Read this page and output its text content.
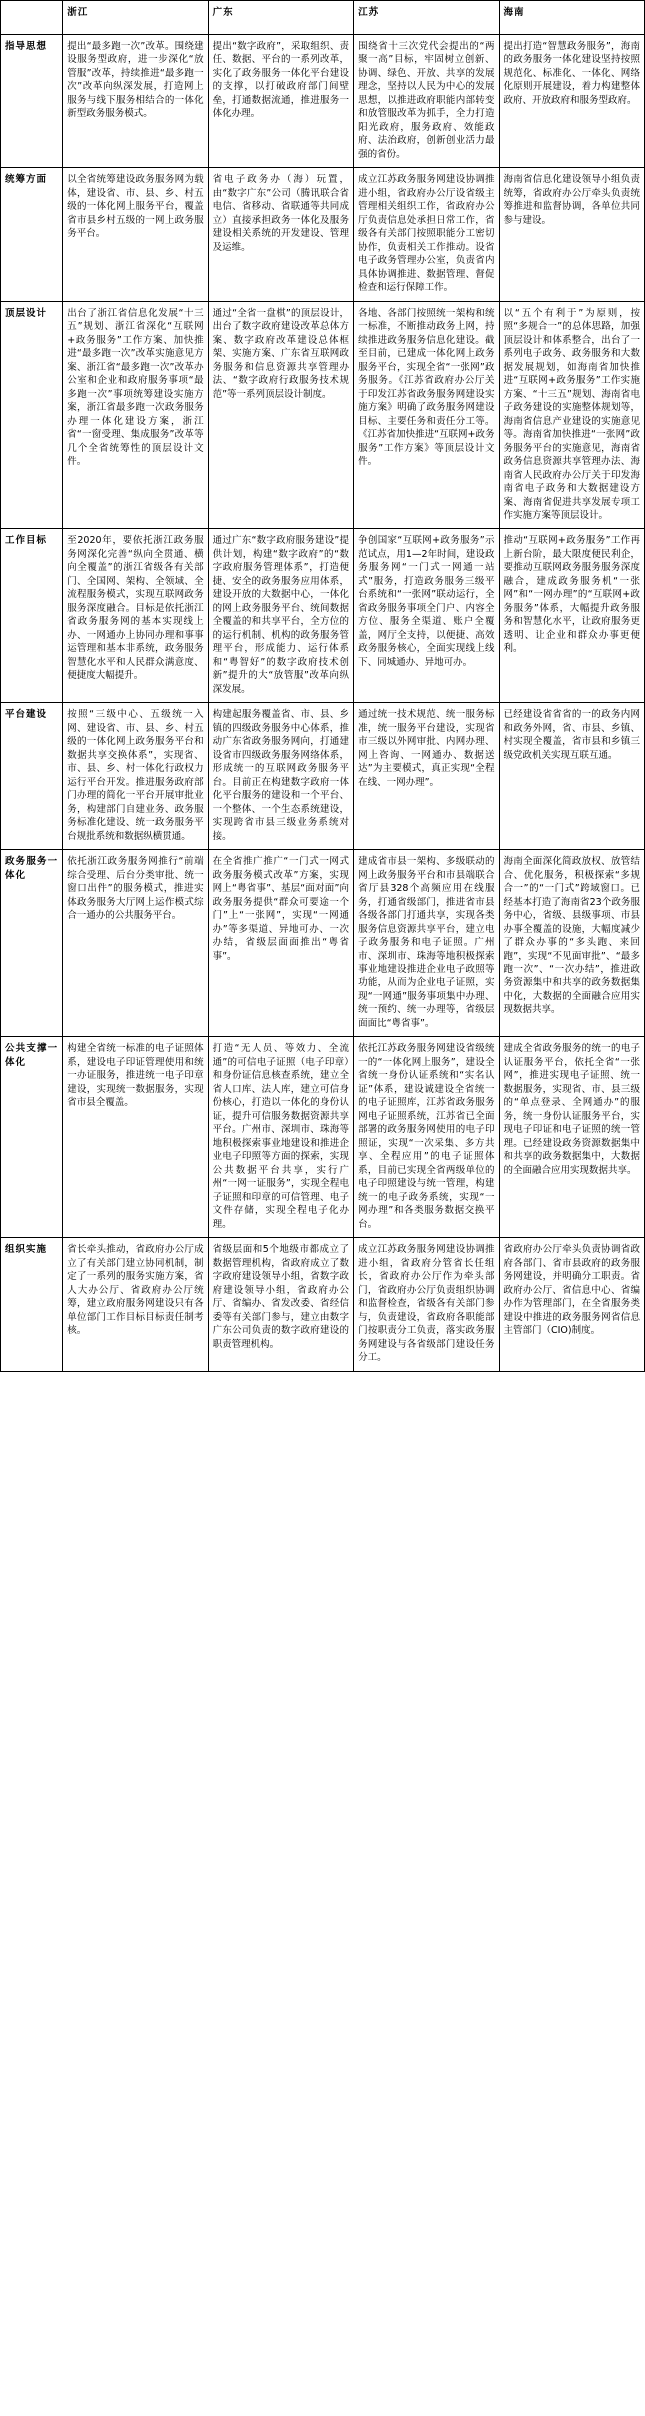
	浙江	广东	江苏	海南
指导思想	提出“最多跑一次”改革。围绕建设服务型政府，进一步深化“放管服”改革，持续推进“最多跑一次”改革向纵深发展，打造网上服务与线下服务相结合的一体化新型政务服务模式。	提出“数字政府”，采取组织、责任、数据、平台的一系列改革，实化了政务服务一体化平台建设的支撑，以打破政府部门间壁垒，打通数据流通，推进服务一体化办理。	围绕省十三次党代会提出的“两聚一高”目标，牢固树立创新、协调、绿色、开放、共享的发展理念，坚持以人民为中心的发展思想，以推进政府职能内部转变和放管服改革为抓手，全力打造阳光政府，服务政府、效能政府、法治政府，创新创业活力最强的省份。	提出打造“智慧政务服务”，海南的政务服务一体化建设坚持按照规范化、标准化、一体化、网络化原则开展建设，着力构建整体政府、开放政府和服务型政府。
统筹方面	以全省统筹建设政务服务网为载体，建设省、市、县、乡、村五级的一体化网上服务平台，覆盖省市县乡村五级的一网上政务服务平台。	省电子政务办（海）玩置，由“数字广东”公司（腾讯联合省电信、省移动、省联通等共同成立）直接承担政务一体化及服务建设相关系统的开发建设、管理及运维。	成立江苏政务服务网建设协调推进小组，省政府办公厅设省级主管理相关组织工作，省政府办公厅负责信息处承担日常工作，省级各有关部门按照职能分工密切协作，负责相关工作推动。设省电子政务管理办公室，负责省内具体协调推进、数据管理、督促检查和运行保障工作。	海南省信息化建设领导小组负责统筹，省政府办公厅牵头负责统筹推进和监督协调，各单位共同参与建设。
顶层设计	出台了浙江省信息化发展“十三五”规划、浙江省深化“互联网+政务服务”工作方案、加快推进“最多跑一次”改革实施意见方案、浙江省“最多跑一次”改革办公室和企业和政府服务事项“最多跑一次”事项统筹建设实施方案，浙江省最多跑一次政务服务办理一体化建设方案，浙江省“一窗受理、集成服务”改革等几个全省统筹性的顶层设计文件。	通过“全省一盘棋”的顶层设计，出台了数字政府建设改革总体方案、数字政府改革建设总体框架、实施方案、广东省互联网政务服务和信息资源共享管理办法、“数字政府行政服务技术规范”等一系列顶层设计制度。	各地、各部门按照统一架构和统一标准，不断推动政务上网，持续推进政务服务信息化建设。截至目前，已建成一体化网上政务服务平台，实现全省“一张网”政务服务。《江苏省政府办公厅关于印发江苏省政务服务网建设实施方案》明确了政务服务网建设目标、主要任务和责任分工等。《江苏省加快推进“互联网+政务服务”工作方案》等顶层设计文件。	以“五个有利于”为原则，按照“多规合一”的总体思路，加强顶层设计和体系整合，出台了一系列电子政务、政务服务和大数据发展规划，如海南省加快推进“互联网+政务服务”工作实施方案、“十三五”规划、海南省电子政务建设的实施整体规划等，海南省信息产业建设的实施意见等。海南省加快推进“一张网”政务服务平台的实施意见，海南省政务信息资源共享管理办法、海南省人民政府办公厅关于印发海南省电子政务和大数据建设方案、海南省促进共享发展专项工作实施方案等顶层设计。
工作目标	至2020年，要依托浙江政务服务网深化完善“纵向全贯通、横向全覆盖”的浙江省级各有关部门、全国网、架构、全领域、全流程服务模式，实现互联网政务服务深度融合。目标是依托浙江省政务服务网的基本实现线上办、一网通办上协同办理和事事运管理和基本非系统，政务服务智慧化水平和人民群众满意度、便捷度大幅提升。	通过广东“数字政府服务建设”提供计划，构建“数字政府”的“数字政府服务管理体系”，打造便捷、安全的政务服务应用体系，建设开放的大数据中心，一体化的网上政务服务平台、统间数据全覆盖的和共享平台，全方位的的运行机制、机构的政务服务管理平台，形成能力、运行体系和“粤智好”的数字政府技术创新”提升的大“放管服”改革向纵深发展。	争创国家“互联网+政务服务”示范试点，用1—2年时间，建设政务服务网“一门式一网通一站式”服务，打造政务服务三级平台系统和“一张网”联动运行，全省政务服务事项全门户、内容全方位、服务全渠道、账户全覆盖，网厅全支持，以便捷、高效政务服务核心，全面实现线上线下、同城通办、异地可办。	推动“互联网+政务服务”工作再上新台阶，最大限度便民利企，要推动互联网政务服务服务深度融合，建成政务服务机“一张网”和“一网办理”的“互联网+政务服务”体系，大幅提升政务服务和智慧化水平，让政府服务更透明、让企业和群众办事更便利。
平台建设	按照“三级中心、五级统一入网、建设省、市、县、乡、村五级的一体化网上政务服务平台和数据共享交换体系”，实现省、市、县、乡、村一体化行政权力运行平台开发。推进服务政府部门办理的简化一平台开展审批业务，构建部门自建业务、政务服务标准化建设、统一政务服务平台规批系统和数据纵横贯通。	构建起服务覆盖省、市、县、乡镇的四级政务服务中心体系，推动广东省政务服务网向，打通建设省市四级政务服务网络体系，形成统一的互联网政务服务平台。目前正在构建数字政府一体化平台服务的建设和一个平台、一个整体、一个生态系统建设，实现跨省市县三级业务系统对接。	通过统一技术规范、统一服务标准，统一服务平台建设，实现省市三级以外网审批、内网办理、网上咨询、一网通办、数据送达”为主要模式，真正实现“全程在线、一网办理”。	已经建设省省省的一的政务内网和政务外网，省、市县、乡镇、村实现全覆盖，省市县和乡镇三级党政机关实现互联互通。
政务服务一体化	依托浙江政务服务网推行“前端综合受理、后台分类审批、统一窗口出件”的服务模式，推进实体政务服务大厅网上运作模式综合一通办的公共服务平台。	在全省推广推广“一门式一网式政务服务模式改革”方案，实现网上“粤省事”、基层“面对面”向政务服务提供“群众可要途一个门”上“一张网”，实现“一网通办”等多渠道、异地可办、一次办结，省级层面面推出“粤省事”。	建成省市县一架构、多级联动的网上政务服务平台和市县端联合省厅县328个高频应用在线服务，打通省级部门，推进省市县各级各部门打通共享，实现各类服务信息资源共享平台，建立电子政务服务和电子证照。广州市、深圳市、珠海等地积极探索事业地建设推进企业电子政照等功能，从而为企业电子证照，实现“一网通”服务事项集中办理、统一预约、统一办理等，省级层面面比“粤省事”。	海南全面深化简政放权、放管结合、优化服务，积极探索“多规合一”的“一门式”跨域窗口。已经基本打造了海南省23个政务服务中心，省级、县级事项、市县办事全覆盖的设施，大幅度减少了群众办事的“多头跑、来回跑”，实现“不见面审批”、“最多跑一次”、“一次办结”，推进政务资源集中和共享的政务数据集中化，大数据的全面融合应用实现数据共享。
公共支撑一体化	构建全省统一标准的电子证照体系，建设电子印证管理使用和统一办证服务，推进统一电子印章建设，实现统一数据服务，实现省市县全覆盖。	打造“无人员、等效力、全流通”的可信电子证照（电子印章）和身份证信息核查系统，建立全省人口库、法人库，建立可信身份核心，打造以一体化的身份认证，提升可信服务数据资源共享平台。广州市、深圳市、珠海等地积极探索事业地建设和推进企业电子印照等方面的探索，实现公共数据平台共享，实行广州“一网一证服务”，实现全程电子证照和印章的可信管理、电子文件存储，实现全程电子化办理。	依托江苏政务服务网建设省级统一的“一体化网上服务”，建设全省统一身份认证系统和“实名认证”体系，建设诚建设全省统一的电子证照库，江苏省政务服务网电子证照系统，江苏省已全面部署的政务服务网使用的电子印照证，实现“一次采集、多方共享、全程应用”的电子证照体系，目前已实现全省两级单位的电子印照建设与统一管理，构建统一的电子政务系统，实现“一网办理”和各类服务数据交换平台。	建成全省政务服务的统一的电子认证服务平台，依托全省“一张网”，推进实现电子证照、统一数据服务，实现省、市、县三级的“单点登录、全网通办”的服务，统一身份认证服务平台，实现电子印证和电子证照的统一管理。已经建设政务资源数据集中和共享的政务数据集中，大数据的全面融合应用实现数据共享。
组织实施	省长牵头推动，省政府办公厅成立了有关部门建立协同机制，制定了一系列的服务实施方案，省人大办公厅、省政府办公厅统筹，建立政府服务网建设只有各单位部门工作目标目标责任制考核。	省级层面和5个地级市都成立了数据管理机构，省政府成立了数字政府建设领导小组，省数字政府建设领导小组，省政府办公厅、省编办、省发改委、省经信委等有关部门参与，建立由数字广东公司负责的数字政府建设的职责管理机构。	成立江苏政务服务网建设协调推进小组，省政府分管省长任组长，省政府办公厅作为牵头部门，省政府办公厅负责组织协调和监督检查，省级各有关部门参与，负责建设，省政府各职能部门按职责分工负责，落实政务服务网建设与各省级部门建设任务分工。	省政府办公厅牵头负责协调省政府各部门、省市县政府的政务服务网建设，并明确分工职责。省政府办公厅、省信息中心、省编办作为管理部门，在全省服务类建设中推进的政务服务网省信息主管部门（CIO)制度。
